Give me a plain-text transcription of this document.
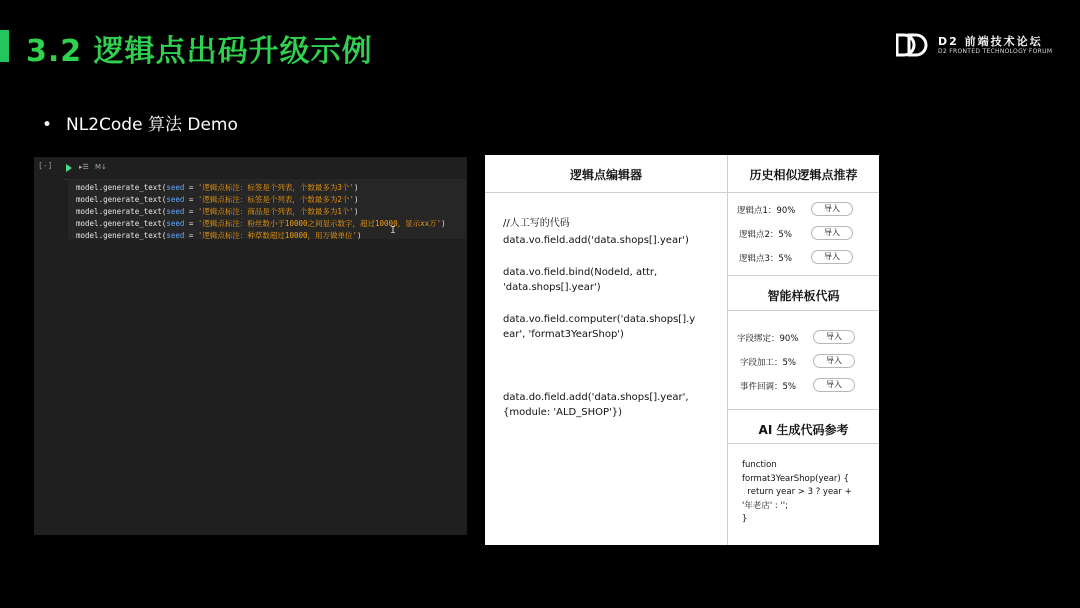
3.2 逻辑点出码升级示例	D2 前端技术论坛
D2 FRONTED TECHNOLOGY FORUM
• NL2Code 算法 Demo
[-]	▸☰ M↓
model.generate_text(seed = '逻辑点标注：标签是个列表，个数最多为3个')
model.generate_text(seed = '逻辑点标注：标签是个列表，个数最多为2个')
model.generate_text(seed = '逻辑点标注：商品是个列表，个数最多为1个')
model.generate_text(seed = '逻辑点标注：粉丝数小于10000之间显示数字，超过10000，显示xx万')
model.generate_text(seed = '逻辑点标注：种草数超过10000，用万做单位')	I
逻辑点编辑器
//人工写的代码
data.vo.field.add('data.shops[].year')
data.vo.field.bind(NodeId, attr,
'data.shops[].year')
data.vo.field.computer('data.shops[].y
ear', 'format3YearShop')
data.do.field.add('data.shops[].year',
{module: 'ALD_SHOP'})
历史相似逻辑点推荐
逻辑点1：90%	导入
逻辑点2：5%	导入
逻辑点3：5%	导入
智能样板代码
字段绑定：90%	导入
字段加工：5%	导入
事件回调：5%	导入
AI 生成代码参考
function
format3YearShop(year) {
return year > 3 ? year +
'年老店' : '';
}
